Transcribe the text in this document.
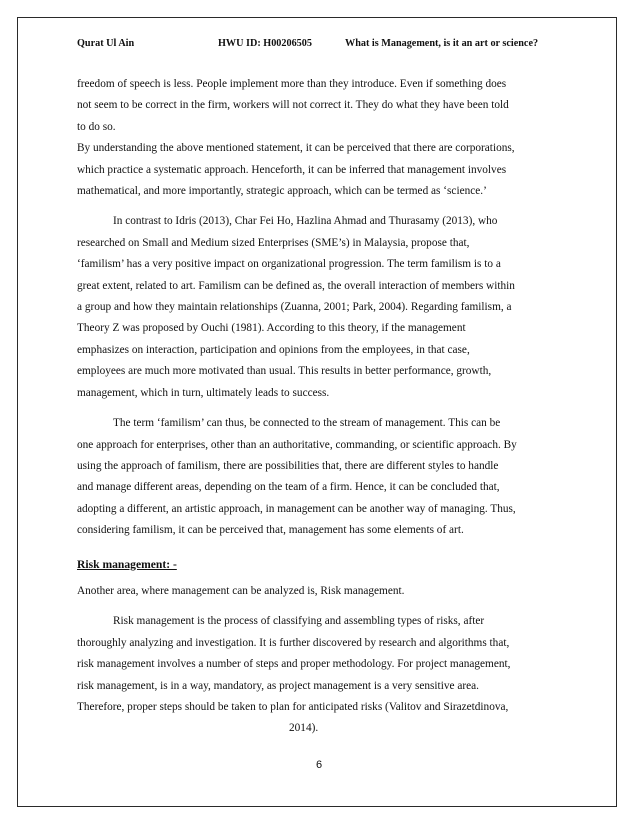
Qurat Ul Ain	HWU ID: H00206505	What is Management, is it an art or science?

freedom of speech is less. People implement more than they introduce. Even if something does
not seem to be correct in the firm, workers will not correct it. They do what they have been told
to do so.

By understanding the above mentioned statement, it can be perceived that there are corporations,
which practice a systematic approach. Henceforth, it can be inferred that management involves
mathematical, and more importantly, strategic approach, which can be termed as ‘science.’

In contrast to Idris (2013), Char Fei Ho, Hazlina Ahmad and Thurasamy (2013), who
researched on Small and Medium sized Enterprises (SME’s) in Malaysia, propose that,
‘familism’ has a very positive impact on organizational progression. The term familism is to a
great extent, related to art. Familism can be defined as, the overall interaction of members within
a group and how they maintain relationships (Zuanna, 2001; Park, 2004). Regarding familism, a
Theory Z was proposed by Ouchi (1981). According to this theory, if the management
emphasizes on interaction, participation and opinions from the employees, in that case,
employees are much more motivated than usual. This results in better performance, growth,
management, which in turn, ultimately leads to success.

The term ‘familism’ can thus, be connected to the stream of management. This can be
one approach for enterprises, other than an authoritative, commanding, or scientific approach. By
using the approach of familism, there are possibilities that, there are different styles to handle
and manage different areas, depending on the team of a firm. Hence, it can be concluded that,
adopting a different, an artistic approach, in management can be another way of managing. Thus,
considering familism, it can be perceived that, management has some elements of art.

Risk management: -

Another area, where management can be analyzed is, Risk management.

Risk management is the process of classifying and assembling types of risks, after
thoroughly analyzing and investigation. It is further discovered by research and algorithms that,
risk management involves a number of steps and proper methodology. For project management,
risk management, is in a way, mandatory, as project management is a very sensitive area.
Therefore, proper steps should be taken to plan for anticipated risks (Valitov and Sirazetdinova,
2014).

6
